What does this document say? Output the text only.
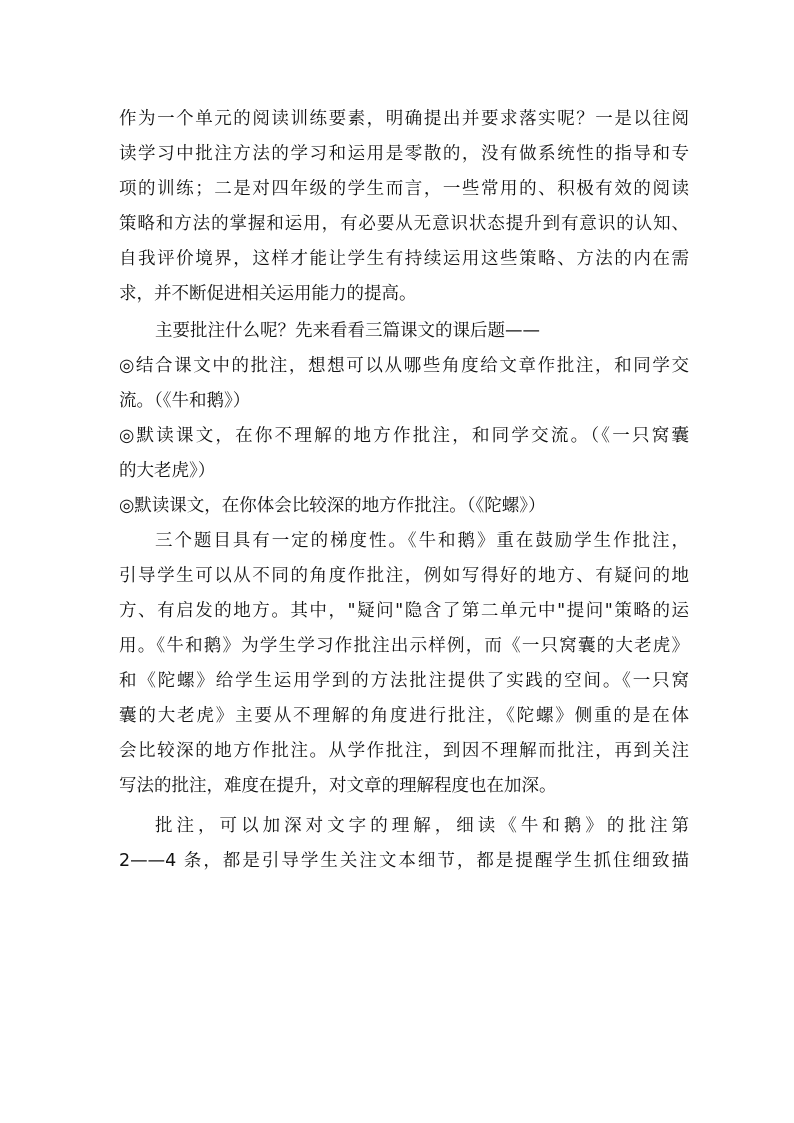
作为一个单元的阅读训练要素，明确提出并要求落实呢？一是以往阅
读学习中批注方法的学习和运用是零散的，没有做系统性的指导和专
项的训练；二是对四年级的学生而言，一些常用的、积极有效的阅读
策略和方法的掌握和运用，有必要从无意识状态提升到有意识的认知、
自我评价境界，这样才能让学生有持续运用这些策略、方法的内在需
求，并不断促进相关运用能力的提高。
主要批注什么呢？先来看看三篇课文的课后题——
◎结合课文中的批注，想想可以从哪些角度给文章作批注，和同学交
流。（《牛和鹅》）
◎默读课文，在你不理解的地方作批注，和同学交流。（《一只窝囊
的大老虎》）
◎默读课文，在你体会比较深的地方作批注。（《陀螺》）
三个题目具有一定的梯度性。《牛和鹅》重在鼓励学生作批注，
引导学生可以从不同的角度作批注，例如写得好的地方、有疑问的地
方、有启发的地方。其中，"疑问"隐含了第二单元中"提问"策略的运
用。《牛和鹅》为学生学习作批注出示样例，而《一只窝囊的大老虎》
和《陀螺》给学生运用学到的方法批注提供了实践的空间。《一只窝
囊的大老虎》主要从不理解的角度进行批注，《陀螺》侧重的是在体
会比较深的地方作批注。从学作批注，到因不理解而批注，再到关注
写法的批注，难度在提升，对文章的理解程度也在加深。
批注，可以加深对文字的理解，细读《牛和鹅》的批注第
2——4 条，都是引导学生关注文本细节，都是提醒学生抓住细致描
